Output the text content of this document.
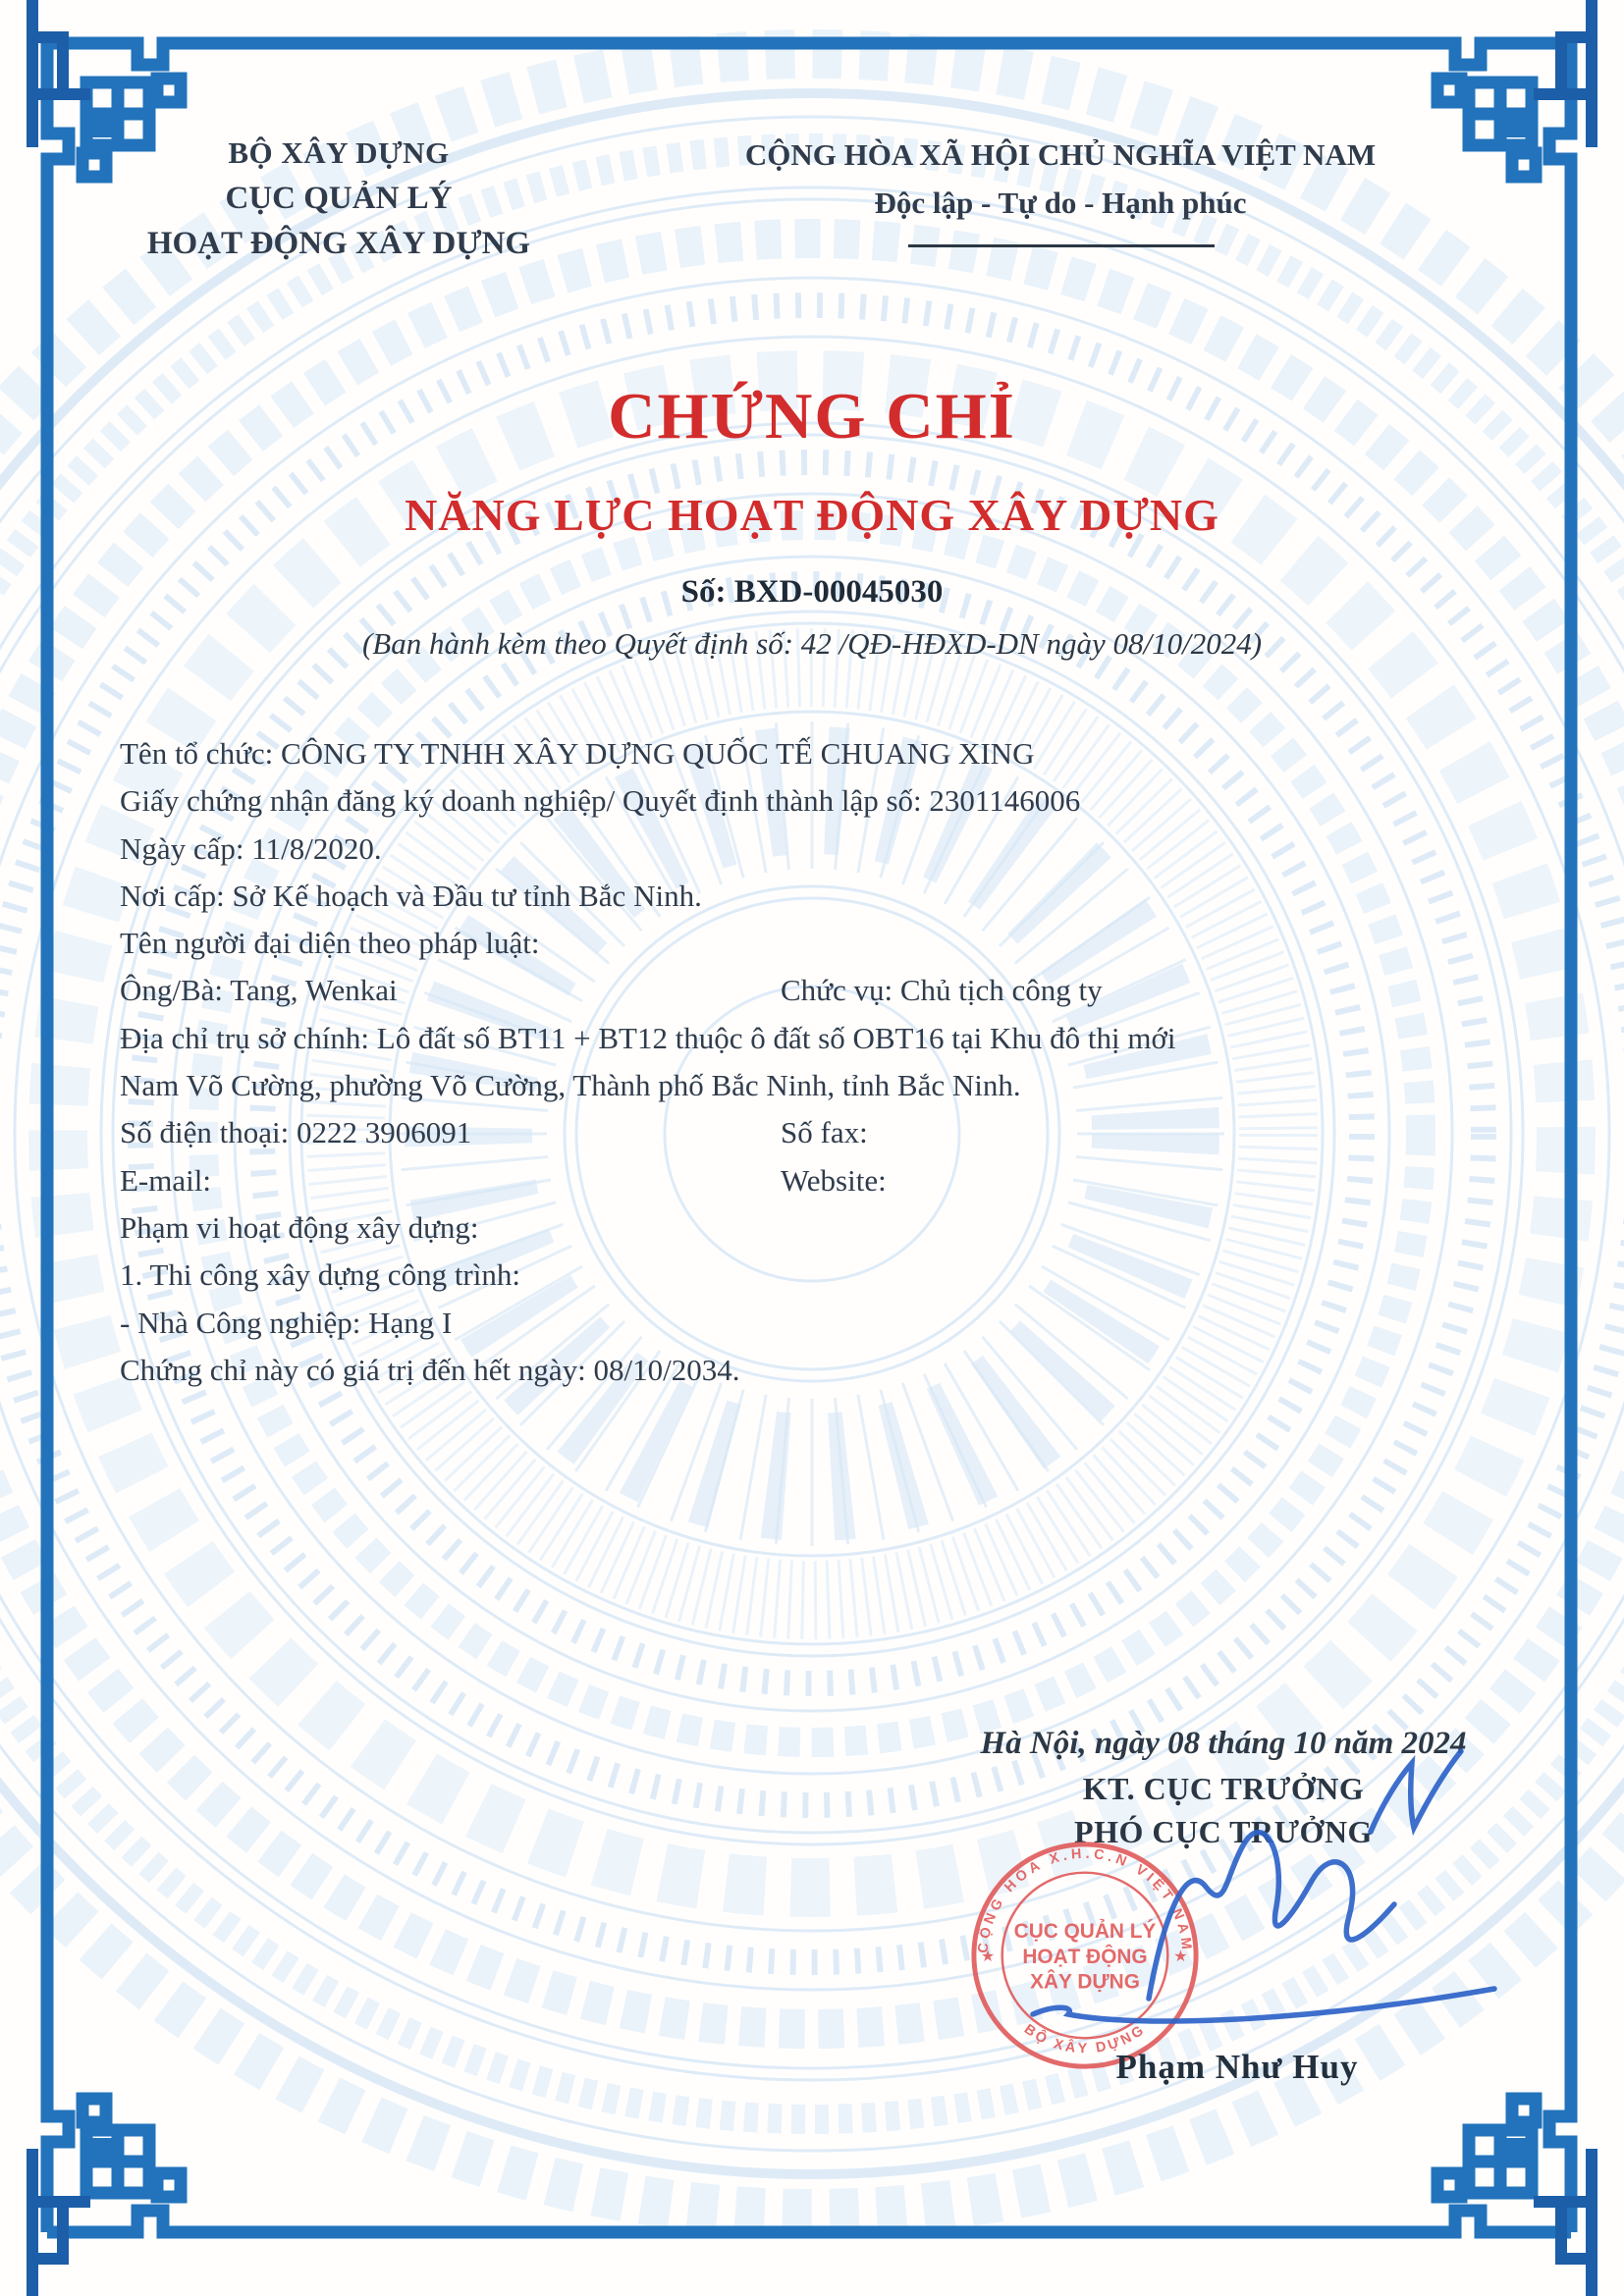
BỘ XÂY DỰNG
CỤC QUẢN LÝ
HOẠT ĐỘNG XÂY DỰNG
CỘNG HÒA XÃ HỘI CHỦ NGHĨA VIỆT NAM
Độc lập - Tự do - Hạnh phúc
CHỨNG CHỈ
NĂNG LỰC HOẠT ĐỘNG XÂY DỰNG
Số: BXD-00045030
(Ban hành kèm theo Quyết định số: 42 /QĐ-HĐXD-DN ngày 08/10/2024)
Tên tổ chức: CÔNG TY TNHH XÂY DỰNG QUỐC TẾ CHUANG XING
Giấy chứng nhận đăng ký doanh nghiệp/ Quyết định thành lập số: 2301146006
Ngày cấp: 11/8/2020.
Nơi cấp: Sở Kế hoạch và Đầu tư tỉnh Bắc Ninh.
Tên người đại diện theo pháp luật:
Ông/Bà: Tang, Wenkai	Chức vụ: Chủ tịch công ty
Địa chỉ trụ sở chính: Lô đất số BT11 + BT12 thuộc ô đất số OBT16 tại Khu đô thị mới
Nam Võ Cường, phường Võ Cường, Thành phố Bắc Ninh, tỉnh Bắc Ninh.
Số điện thoại: 0222 3906091	Số fax:
E-mail:	Website:
Phạm vi hoạt động xây dựng:
1. Thi công xây dựng công trình:
- Nhà Công nghiệp: Hạng I
Chứng chỉ này có giá trị đến hết ngày: 08/10/2034.
Hà Nội, ngày 08 tháng 10 năm 2024
KT. CỤC TRƯỞNG
PHÓ CỤC TRƯỞNG
Phạm Như Huy
CỘNG HÒA X.H.C.N VIỆT NAM
BỘ XÂY DỰNG
★	★
CỤC QUẢN LÝ
HOẠT ĐỘNG
XÂY DỰNG
